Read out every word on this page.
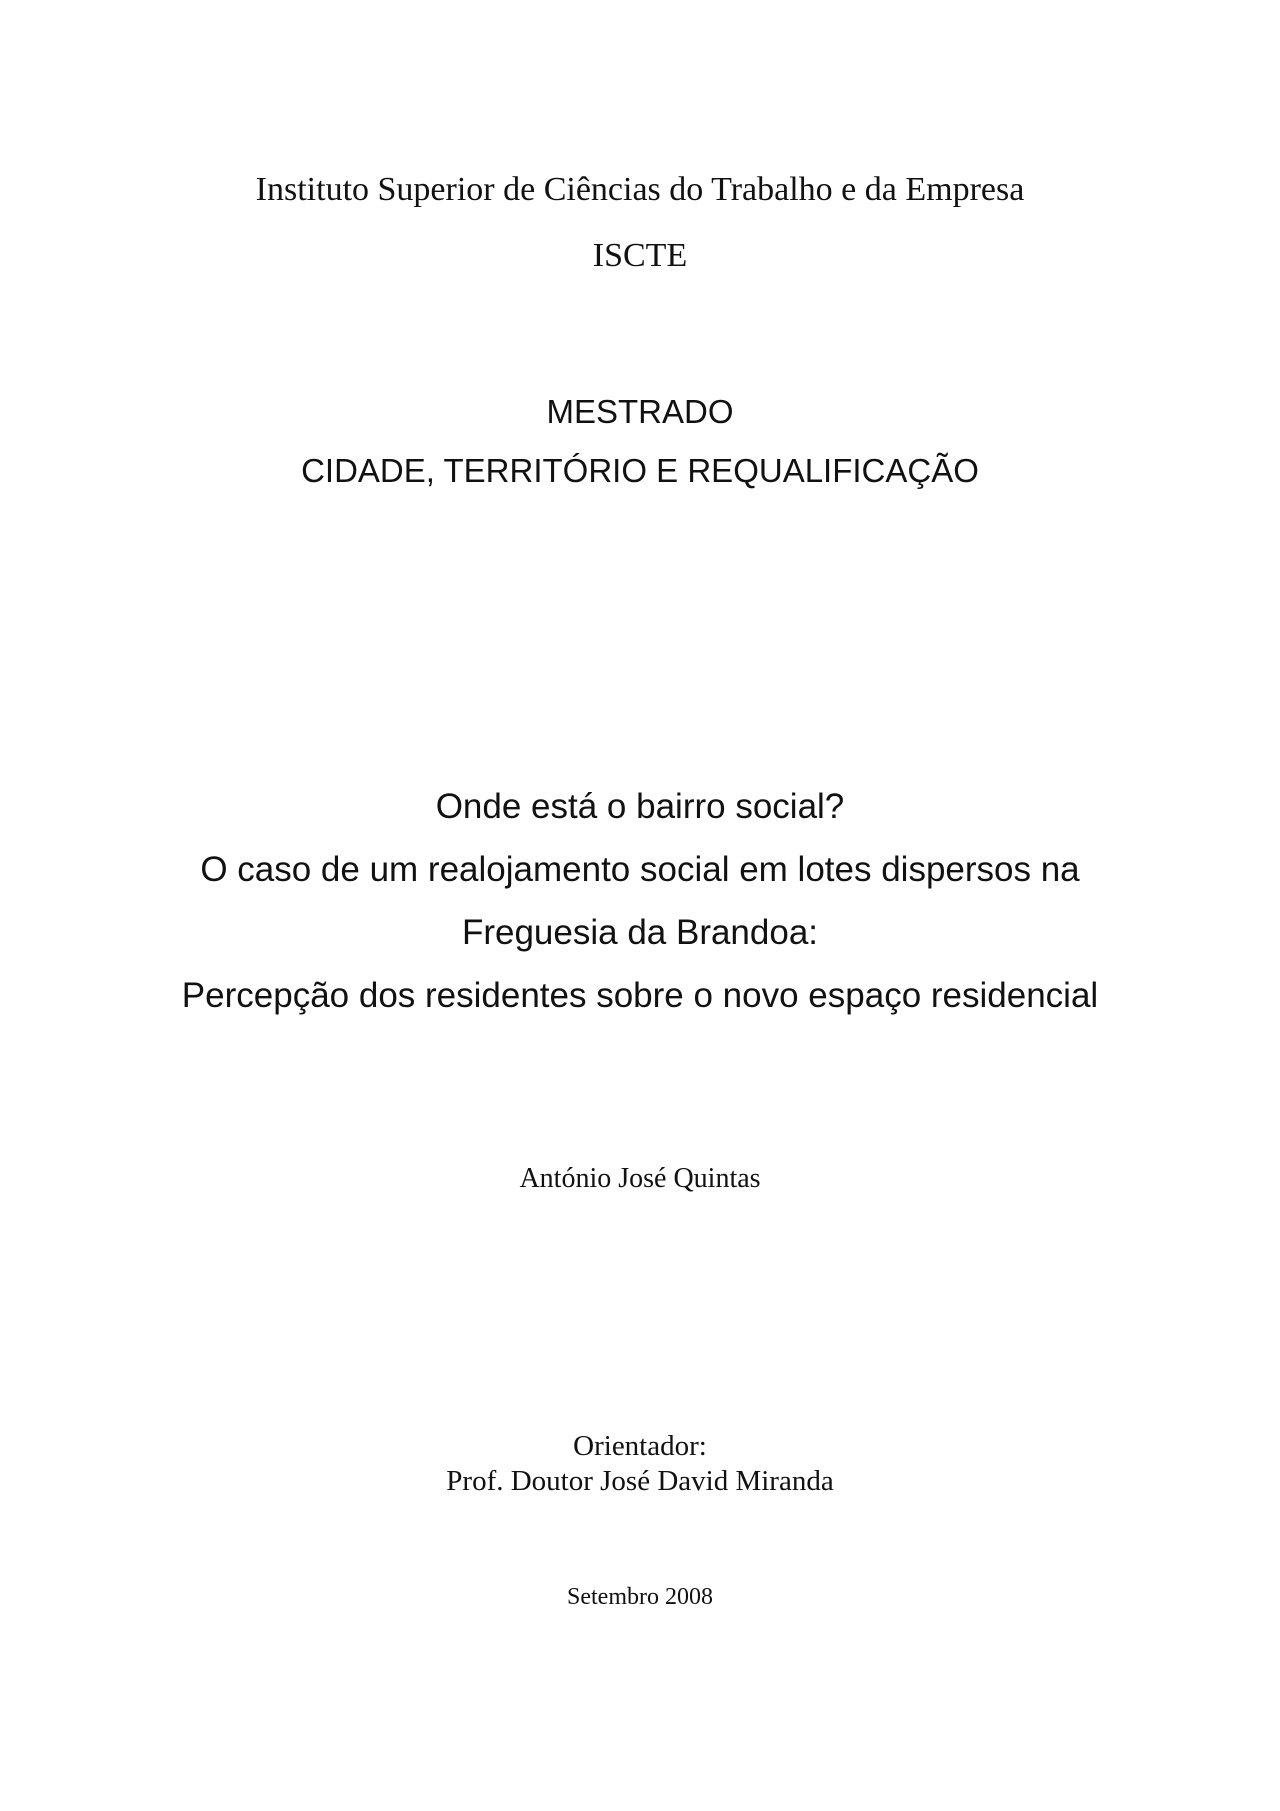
Instituto Superior de Ciências do Trabalho e da Empresa

ISCTE

MESTRADO

CIDADE, TERRITÓRIO E REQUALIFICAÇÃO

Onde está o bairro social?

O caso de um realojamento social em lotes dispersos na

Freguesia da Brandoa:

Percepção dos residentes sobre o novo espaço residencial

António José Quintas

Orientador:

Prof. Doutor José David Miranda

Setembro 2008
